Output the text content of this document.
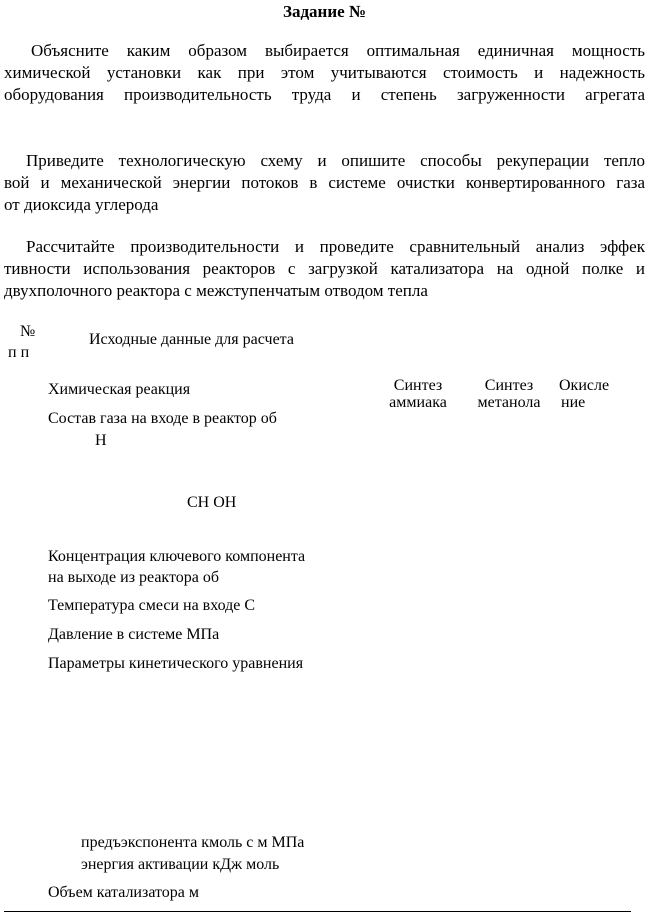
Задание №
Объясните каким образом выбирается оптимальная единичная мощность
химической установки как при этом учитываются стоимость и надежность
оборудования производительность труда и степень загруженности агрегата
Приведите технологическую схему и опишите способы рекуперации тепло
вой и механической энергии потоков в системе очистки конвертированного газа
от диоксида углерода
Рассчитайте производительности и проведите сравнительный анализ эффек
тивности использования реакторов с загрузкой катализатора на одной полке и
двухполочного реактора с межступенчатым отводом тепла
№
п п
Исходные данные для расчета
Синтез
аммиака
Синтез
метанола
Окисле
ние
Химическая реакция
Состав газа на входе в реактор об
Н
СН ОН
Концентрация ключевого компонента
на выходе из реактора об
Температура смеси на входе С
Давление в системе МПа
Параметры кинетического уравнения
предъэкспонента кмоль с м МПа
энергия активации кДж моль
Объем катализатора м
